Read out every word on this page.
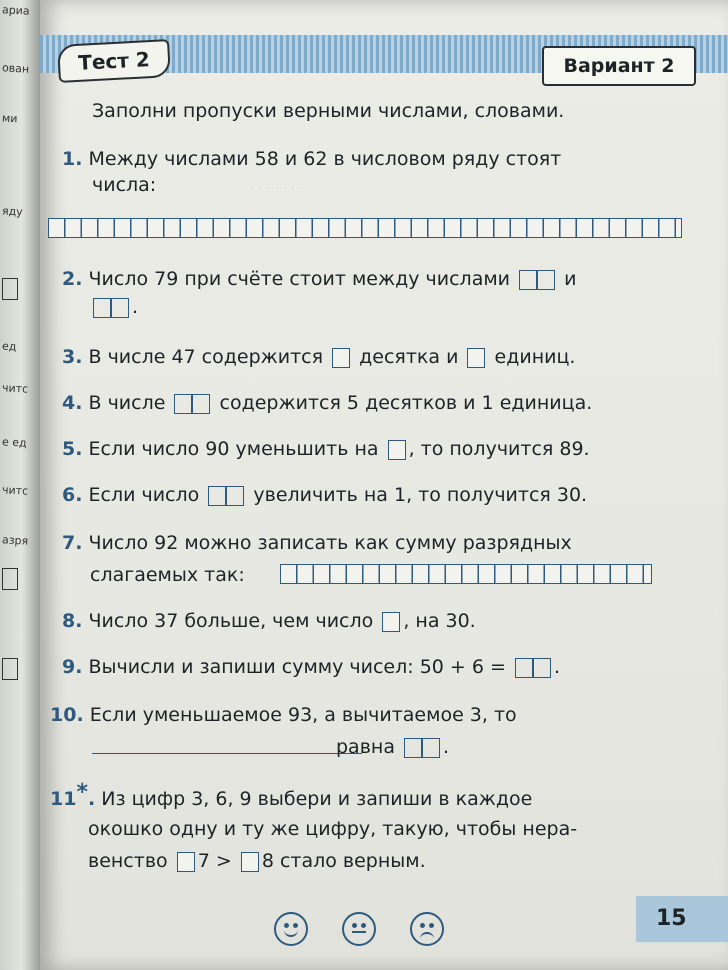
ариа
ован
ми
яду
ед
читс
е ед
читс
азря
Тест 2	Вариант 2
· · · · · · ·
Заполни пропуски верными числами, словами.
1. Между числами 58 и 62 в числовом ряду стоят
числа:
2. Число 79 при счёте стоит между числами	и
.
3. В числе 47 содержится десятка и единиц.
4. В числе	содержится 5 десятков и 1 единица.
5. Если число 90 уменьшить на , то получится 89.
6. Если число	увеличить на 1, то получится 30.
7. Число 92 можно записать как сумму разрядных
слагаемых так:
8. Число 37 больше, чем число , на 30.
9. Вычисли и запиши сумму чисел: 50 + 6 =	.
10. Если уменьшаемое 93, а вычитаемое 3, то
равна	.
11*. Из цифр 3, 6, 9 выбери и запиши в каждое
окошко одну и ту же цифру, такую, чтобы нера-
венство 7 > 8 стало верным.
15
